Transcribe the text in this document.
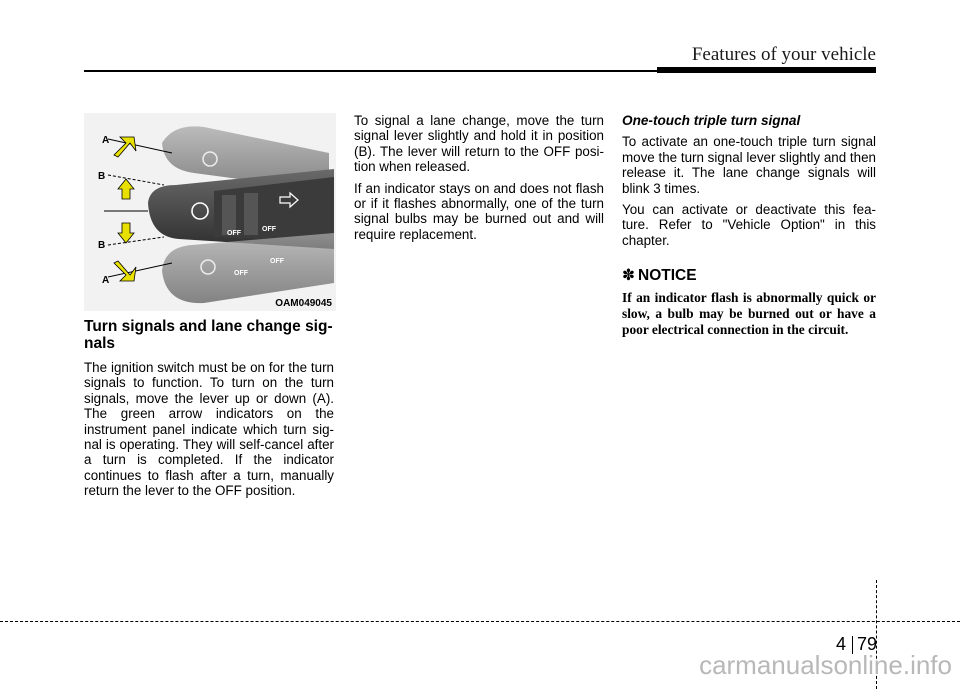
Features of your vehicle
OFF
OFF
OFF
OFF
A
B
B
A
OAM049045
Turn signals and lane change sig-nals

The ignition switch must be on for the turn signals to function. To turn on the turn signals, move the lever up or down (A). The green arrow indicators on the instrument panel indicate which turn sig-nal is operating. They will self-cancel after a turn is completed. If the indicator continues to flash after a turn, manually return the lever to the OFF position.

To signal a lane change, move the turn signal lever slightly and hold it in position (B). The lever will return to the OFF posi-tion when released.

If an indicator stays on and does not flash or if it flashes abnormally, one of the turn signal bulbs may be burned out and will require replacement.

One-touch triple turn signal

To activate an one-touch triple turn signal move the turn signal lever slightly and then release it. The lane change signals will blink 3 times.

You can activate or deactivate this fea-ture. Refer to "Vehicle Option" in this chapter.

✽ NOTICE
If an indicator flash is abnormally quick or slow, a bulb may be burned out or have a poor electrical connection in the circuit.
4 79
carmanualsonline.info
